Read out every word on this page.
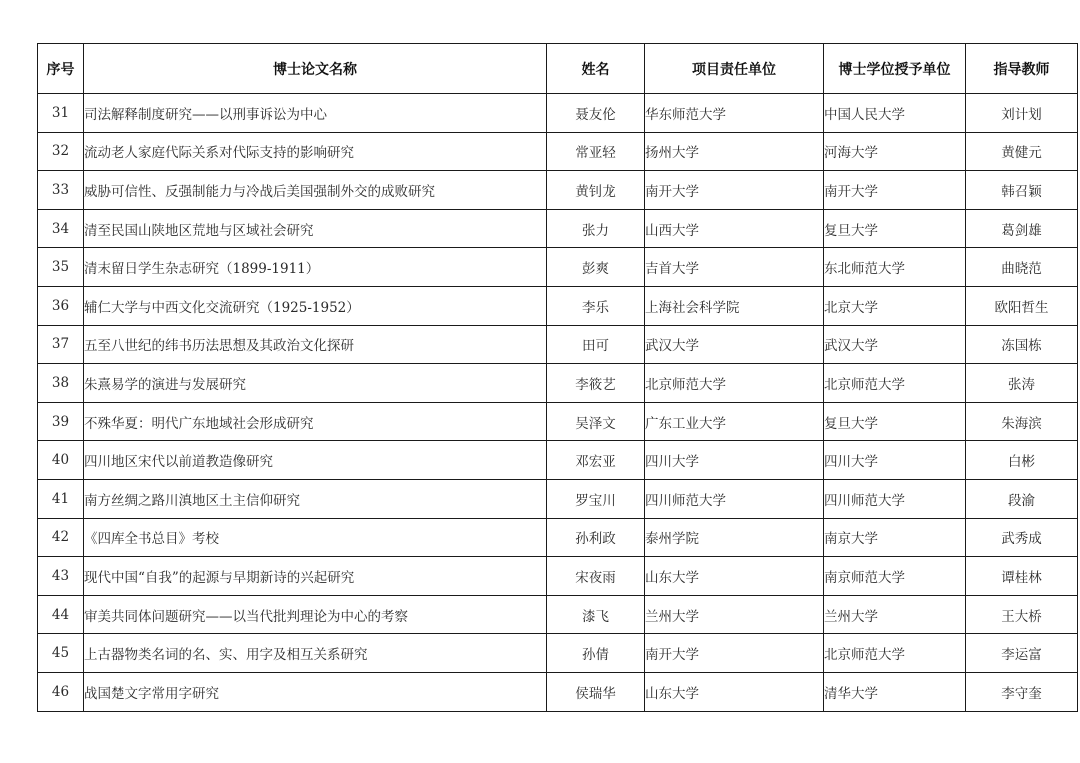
序号	博士论文名称	姓名	项目责任单位	博士学位授予单位	指导教师
31	司法解释制度研究——以刑事诉讼为中心	聂友伦	华东师范大学	中国人民大学	刘计划
32	流动老人家庭代际关系对代际支持的影响研究	常亚轻	扬州大学	河海大学	黄健元
33	威胁可信性、反强制能力与冷战后美国强制外交的成败研究	黄钊龙	南开大学	南开大学	韩召颖
34	清至民国山陕地区荒地与区域社会研究	张力	山西大学	复旦大学	葛剑雄
35	清末留日学生杂志研究（1899-1911）	彭爽	吉首大学	东北师范大学	曲晓范
36	辅仁大学与中西文化交流研究（1925-1952）	李乐	上海社会科学院	北京大学	欧阳哲生
37	五至八世纪的纬书历法思想及其政治文化探研	田可	武汉大学	武汉大学	冻国栋
38	朱熹易学的演进与发展研究	李筱艺	北京师范大学	北京师范大学	张涛
39	不殊华夏：明代广东地域社会形成研究	吴泽文	广东工业大学	复旦大学	朱海滨
40	四川地区宋代以前道教造像研究	邓宏亚	四川大学	四川大学	白彬
41	南方丝绸之路川滇地区土主信仰研究	罗宝川	四川师范大学	四川师范大学	段渝
42	《四库全书总目》考校	孙利政	泰州学院	南京大学	武秀成
43	现代中国“自我”的起源与早期新诗的兴起研究	宋夜雨	山东大学	南京师范大学	谭桂林
44	审美共同体问题研究——以当代批判理论为中心的考察	漆飞	兰州大学	兰州大学	王大桥
45	上古器物类名词的名、实、用字及相互关系研究	孙倩	南开大学	北京师范大学	李运富
46	战国楚文字常用字研究	侯瑞华	山东大学	清华大学	李守奎
